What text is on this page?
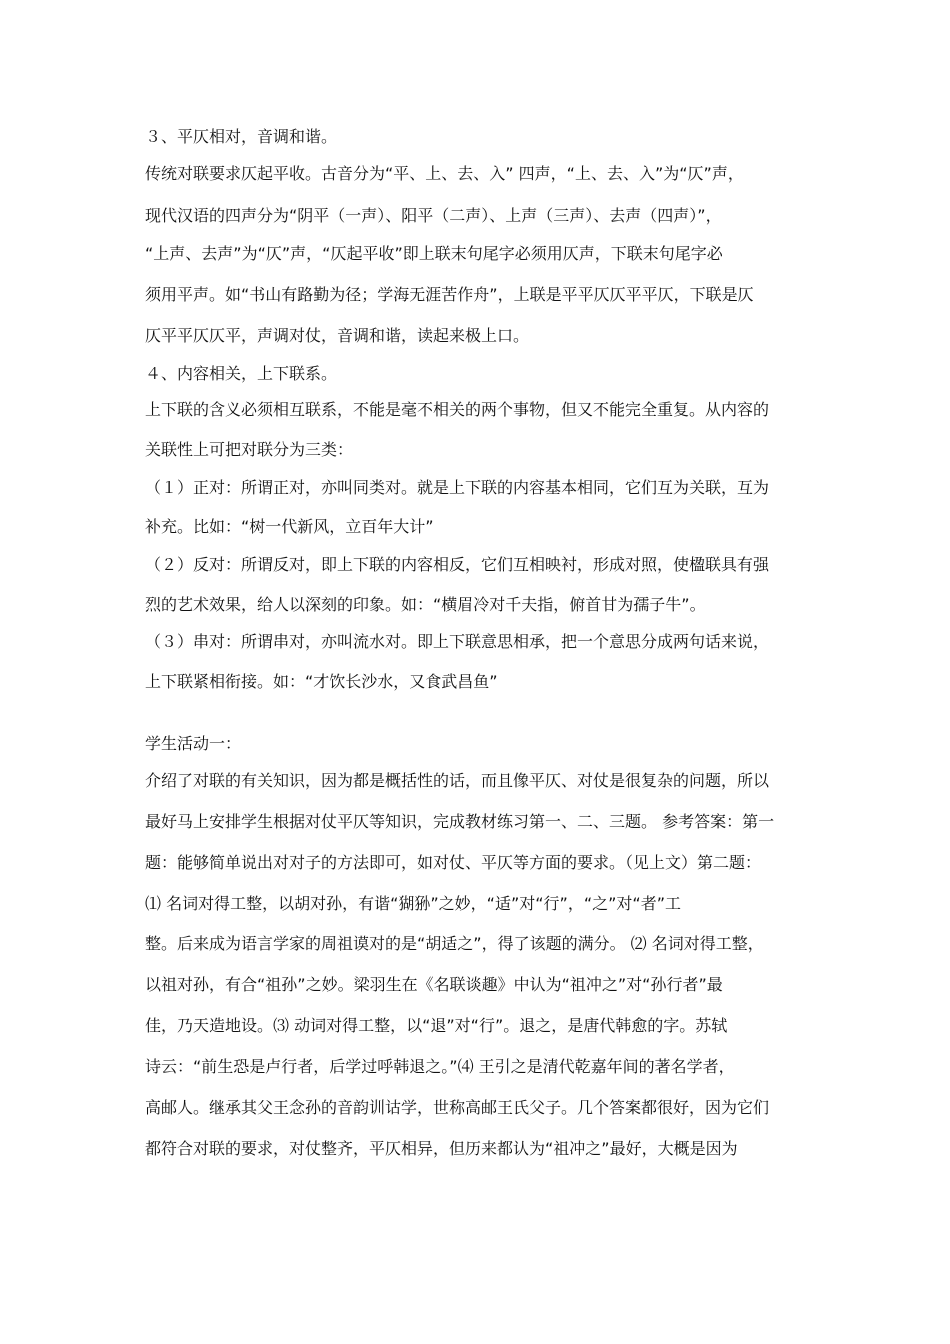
３、平仄相对，音调和谐。
传统对联要求仄起平收。古音分为“平、上、去、入” 四声，“上、去、入”为“仄”声，
现代汉语的四声分为“阴平（一声）、阳平（二声）、上声（三声）、去声（四声）”，
“上声、去声”为“仄”声，“仄起平收”即上联末句尾字必须用仄声，下联末句尾字必
须用平声。如“书山有路勤为径；学海无涯苦作舟”，上联是平平仄仄平平仄，下联是仄
仄平平仄仄平，声调对仗，音调和谐，读起来极上口。
４、内容相关，上下联系。
上下联的含义必须相互联系，不能是毫不相关的两个事物，但又不能完全重复。从内容的
关联性上可把对联分为三类：
（１）正对：所谓正对，亦叫同类对。就是上下联的内容基本相同，它们互为关联，互为
补充。比如：“树一代新风，立百年大计”
（２）反对：所谓反对，即上下联的内容相反，它们互相映衬，形成对照，使楹联具有强
烈的艺术效果，给人以深刻的印象。如：“横眉冷对千夫指，俯首甘为孺子牛”。
（３）串对：所谓串对，亦叫流水对。即上下联意思相承，把一个意思分成两句话来说，
上下联紧相衔接。如：“才饮长沙水，又食武昌鱼”
学生活动一：
介绍了对联的有关知识，因为都是概括性的话，而且像平仄、对仗是很复杂的问题，所以
最好马上安排学生根据对仗平仄等知识，完成教材练习第一、二、三题。 参考答案：第一
题：能够简单说出对对子的方法即可，如对仗、平仄等方面的要求。（见上文）第二题：
⑴ 名词对得工整，以胡对孙，有谐“猢狲”之妙，“适”对“行”，“之”对“者”工
整。后来成为语言学家的周祖谟对的是“胡适之”，得了该题的满分。 ⑵ 名词对得工整，
以祖对孙，有合“祖孙”之妙。梁羽生在《名联谈趣》中认为“祖冲之”对“孙行者”最
佳，乃天造地设。⑶ 动词对得工整，以“退”对“行”。退之，是唐代韩愈的字。苏轼
诗云：“前生恐是卢行者，后学过呼韩退之。”⑷ 王引之是清代乾嘉年间的著名学者，
高邮人。继承其父王念孙的音韵训诂学，世称高邮王氏父子。几个答案都很好，因为它们
都符合对联的要求，对仗整齐，平仄相异，但历来都认为“祖冲之”最好，大概是因为
